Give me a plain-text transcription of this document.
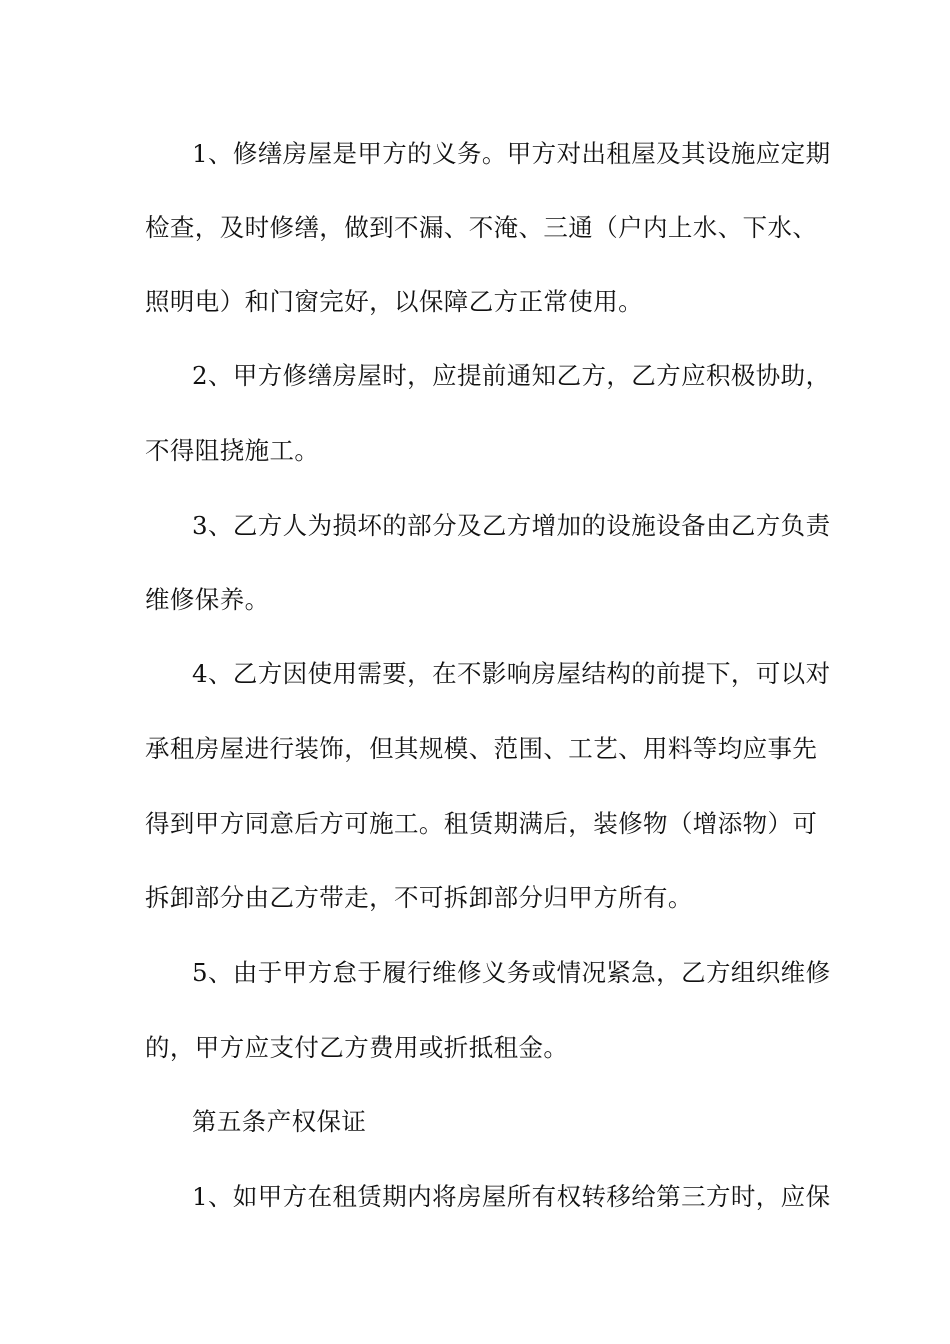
1、修缮房屋是甲方的义务。甲方对出租屋及其设施应定期
检查，及时修缮，做到不漏、不淹、三通（户内上水、下水、
照明电）和门窗完好，以保障乙方正常使用。
2、甲方修缮房屋时，应提前通知乙方，乙方应积极协助，
不得阻挠施工。
3、乙方人为损坏的部分及乙方增加的设施设备由乙方负责
维修保养。
4、乙方因使用需要，在不影响房屋结构的前提下，可以对
承租房屋进行装饰，但其规模、范围、工艺、用料等均应事先
得到甲方同意后方可施工。租赁期满后，装修物（增添物）可
拆卸部分由乙方带走，不可拆卸部分归甲方所有。
5、由于甲方怠于履行维修义务或情况紧急，乙方组织维修
的，甲方应支付乙方费用或折抵租金。
第五条产权保证
1、如甲方在租赁期内将房屋所有权转移给第三方时，应保
